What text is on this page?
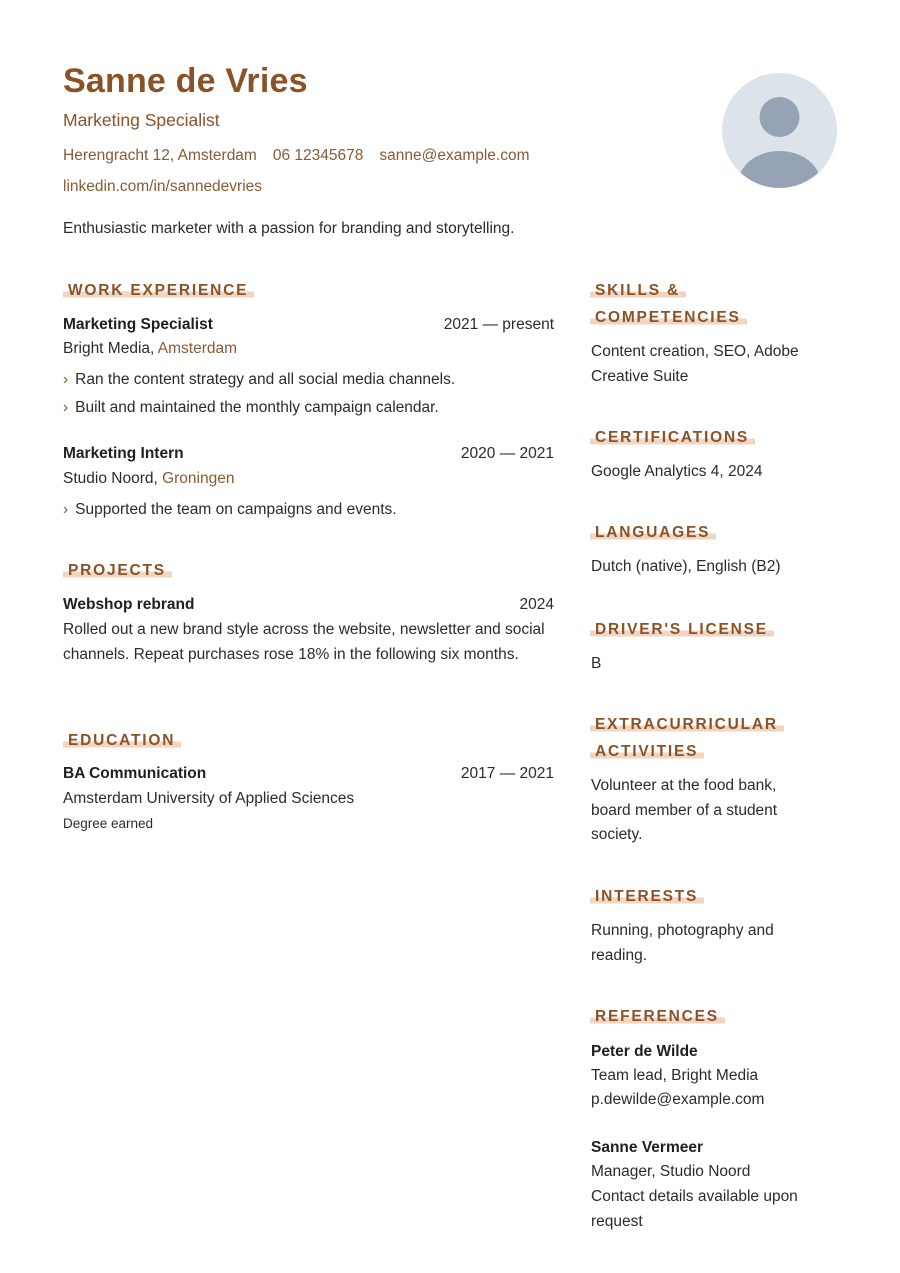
Sanne de Vries
Marketing Specialist
Herengracht 12, Amsterdam 06 12345678 sanne@example.com
linkedin.com/in/sannedevries
Enthusiastic marketer with a passion for branding and storytelling.
WORK EXPERIENCE
Marketing Specialist	2021 — present
Bright Media, Amsterdam
› Ran the content strategy and all social media channels.
› Built and maintained the monthly campaign calendar.
Marketing Intern	2020 — 2021
Studio Noord, Groningen
› Supported the team on campaigns and events.
PROJECTS
Webshop rebrand	2024
Rolled out a new brand style across the website, newsletter and social channels. Repeat purchases rose 18% in the following six months.
EDUCATION
BA Communication	2017 — 2021
Amsterdam University of Applied Sciences
Degree earned
SKILLS &
COMPETENCIES
Content creation, SEO, Adobe Creative Suite
CERTIFICATIONS
Google Analytics 4, 2024
LANGUAGES
Dutch (native), English (B2)
DRIVER'S LICENSE
B
EXTRACURRICULAR
ACTIVITIES
Volunteer at the food bank, board member of a student society.
INTERESTS
Running, photography and reading.
REFERENCES
Peter de Wilde
Team lead, Bright Media
p.dewilde@example.com
Sanne Vermeer
Manager, Studio Noord
Contact details available upon request
